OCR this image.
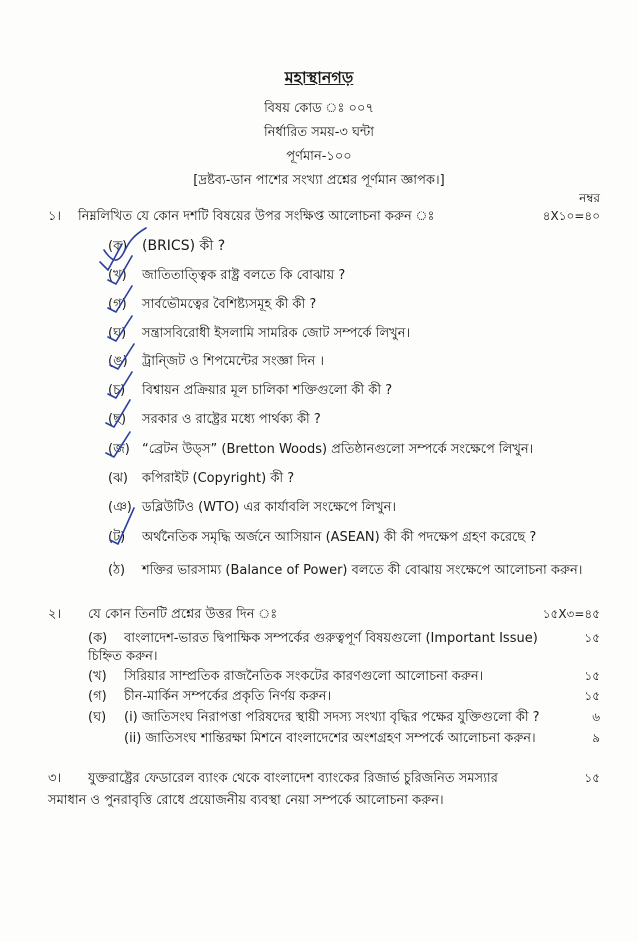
মহাস্থানগড়
বিষয় কোড ঃ ০০৭
নির্ধারিত সময়-৩ ঘন্টা
পূর্ণমান-১০০
[দ্রষ্টব্য-ডান পাশের সংখ্যা প্রশ্নের পূর্ণমান জ্ঞাপক।]
নম্বর
১। নিম্নলিখিত যে কোন দশটি বিষয়ের উপর সংক্ষিপ্ত আলোচনা করুন ঃ	৪X১০=৪০
(ক) (BRICS) কী ?
(খ) জাতিতাত্ত্বিক রাষ্ট্র বলতে কি বোঝায় ?
(গ) সার্বভৌমত্বের বৈশিষ্ট্যসমূহ কী কী ?
(ঘ) সন্ত্রাসবিরোধী ইসলামি সামরিক জোট সম্পর্কে লিখুন।
(ঙ) ট্রান্জিট ও শিপমেন্টের সংজ্ঞা দিন ।
(চ) বিশ্বায়ন প্রক্রিয়ার মূল চালিকা শক্তিগুলো কী কী ?
(ছ) সরকার ও রাষ্ট্রের মধ্যে পার্থক্য কী ?
(জ) “ব্রেটন উড্স” (Bretton Woods) প্রতিষ্ঠানগুলো সম্পর্কে সংক্ষেপে লিখুন।
(ঝ) কপিরাইট (Copyright) কী ?
(ঞ) ডব্লিউটিও (WTO) এর কার্যাবলি সংক্ষেপে লিখুন।
(ট) অর্থনৈতিক সমৃদ্ধি অর্জনে আসিয়ান (ASEAN) কী কী পদক্ষেপ গ্রহণ করেছে ?
(ঠ) শক্তির ভারসাম্য (Balance of Power) বলতে কী বোঝায় সংক্ষেপে আলোচনা করুন।
২। যে কোন তিনটি প্রশ্নের উত্তর দিন ঃ	১৫X৩=৪৫
(ক) বাংলাদেশ-ভারত দ্বিপাক্ষিক সম্পর্কের গুরুত্বপূর্ণ বিষয়গুলো (Important Issue)	১৫
চিহ্নিত করুন।
(খ) সিরিয়ার সাম্প্রতিক রাজনৈতিক সংকটের কারণগুলো আলোচনা করুন।	১৫
(গ) চীন-মার্কিন সম্পর্কের প্রকৃতি নির্ণয় করুন।	১৫
(ঘ) (i) জাতিসংঘ নিরাপত্তা পরিষদের স্থায়ী সদস্য সংখ্যা বৃদ্ধির পক্ষের যুক্তিগুলো কী ?	৬
(ii) জাতিসংঘ শান্তিরক্ষা মিশনে বাংলাদেশের অংশগ্রহণ সম্পর্কে আলোচনা করুন।	৯
৩। যুক্তরাষ্ট্রের ফেডারেল ব্যাংক থেকে বাংলাদেশ ব্যাংকের রিজার্ভ চুরিজনিত সমস্যার	১৫
সমাধান ও পুনরাবৃত্তি রোধে প্রয়োজনীয় ব্যবস্থা নেয়া সম্পর্কে আলোচনা করুন।
